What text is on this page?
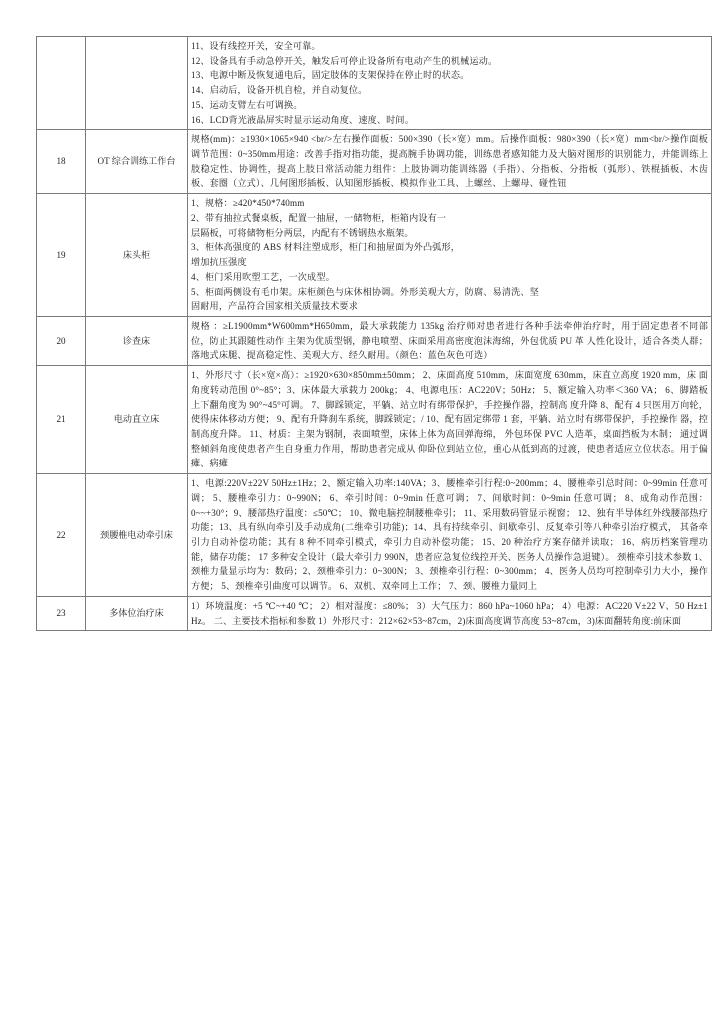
11、设有线控开关，安全可靠。
12、设备具有手动急停开关，触发后可停止设备所有电动产生的机械运动。
13、电源中断及恢复通电后，固定肢体的支架保持在停止时的状态。
14、启动后，设备开机自检，并自动复位。
15、运动支臂左右可调换。
16、LCD背光液晶屏实时显示运动角度、速度、时间。

18	OT 综合训练工作台	规格(mm)：≥1930×1065×940 <br/>左右操作面板：500×390（长×宽）mm。后操作面板：980×390（长×宽）mm<br/>操作面板调节范围：0~350mm用途：改善手指对指功能，提高腕手协调功能，训练患者感知能力及大脑对图形的识别能力，并能训练上肢稳定性、协调性，提高上肢日常活动能力组件：上肢协调功能训练器（手指）、分指板、分指板（弧形）、铁棍插板、木齿板、套圈（立式）、几何图形插板、认知图形插板、模拟作业工具、上螺丝、上螺母、碰性钮
19	床头柜	
1、规格：≥420*450*740mm
2、带有抽拉式餐桌板，配置一抽屉，一储物柜，柜箱内设有一
层隔板，可将储物柜分两层，内配有不锈钢热水瓶架。
3、柜体高强度的 ABS 材料注塑成形，柜门和抽屉面为外凸弧形，
增加抗压强度
4、柜门采用吹塑工艺，一次成型。
5、柜面两侧设有毛巾架。床柜颜色与床休相协调。外形美观大方，防腐、易清洗、坚
固耐用，产品符合国家相关质量技术要求

20	诊查床	规格 ：≥L1900mm*W600mm*H650mm，最大承载能力 135kg 治疗师对患者进行各种手法牵伸治疗时，用于固定患者不同部位，防止其跟随性动作 主架为优质型钢，静电喷塑、床面采用高密度泡沫海绵，外包优质 PU 革 人性化设计，适合各类人群；落地式床腿、提高稳定性、美观大方、经久耐用。（颜色：蓝色灰色可选）
21	电动直立床	1、外形尺寸（长×宽×高）：≥1920×630×850mm±50mm； 2、床面高度 510mm，床面宽度 630mm，床直立高度 1920 mm，床 面角度转动范围 0°~85°；3、床体最大承载力 200kg； 4、电源电压：AC220V；50Hz； 5、额定输入功率＜360 VA； 6、脚踏板上下翻角度为 90°~45°可调。 7、脚踩锁定，平躺、站立时有绑带保护，手控操作器，控制高 度升降 8、配有 4 只医用万向轮，使得床体移动方便； 9、配有升降刹车系统，脚踩锁定；/ 10、配有固定绑带 1 套，平躺、站立时有绑带保护，手控操作 器，控制高度升降。 11、材质：主架为钢制，表面喷塑，床体上体为高回弹海绵， 外包环保 PVC 人造革，桌面挡板为木制； 通过调整倾斜角度使患者产生自身重力作用，帮助患者完成从 仰卧位到站立位，重心从低到高的过渡，使患者适应立位状态。用于偏瘫、病瘫
22	颈腰椎电动牵引床	1、电源:220V±22V 50Hz±1Hz；2、额定输入功率:140VA；3、腰椎牵引行程:0~200mm；4、腰椎牵引总时间：0~99min 任意可调； 5、腰椎牵引力：0~990N； 6、牵引时间：0~9min 任意可调； 7、间歇时间：0~9min 任意可调； 8、成角动作范围：0~~+30°；9、腰部热疗温度：≤50℃； 10、微电脑控制腰椎牵引； 11、采用数码管显示视窗； 12、独有半导体红外线腰部热疗功能；13、具有纵向牵引及手动成角(二维牵引功能)；14、具有持续牵引、间歇牵引、反复牵引等八种牵引治疗模式， 其备牵引力自动补偿功能；其有 8 种不同牵引模式，牵引力自动补偿功能； 15、20 种治疗方案存储并读取； 16、病历档案管理功能，储存功能； 17 多种安全设计（最大牵引力 990N，患者应急复位线控开关、医务人员操作急退键）。 颈椎牵引技术参数 1、颈椎力量显示均为：数码；2、颈椎牵引力：0~300N； 3、颈椎牵引行程：0~300mm； 4、医务人员均可控制牵引力大小，操作方便； 5、颈椎牵引曲度可以调节。 6、双机、双牵同上工作； 7、颈、腰椎力量同上
23	多体位治疗床	1）环境温度：+5 ℃~+40 ℃； 2）相对湿度：≤80%； 3）大气压力：860 hPa~1060 hPa； 4）电源：AC220 V±22 V、50 Hz±1 Hz。 二、主要技术指标和参数 1）外形尺寸：212×62×53~87cm，2)床面高度调节高度 53~87cm，3)床面翻转角度:前床面
